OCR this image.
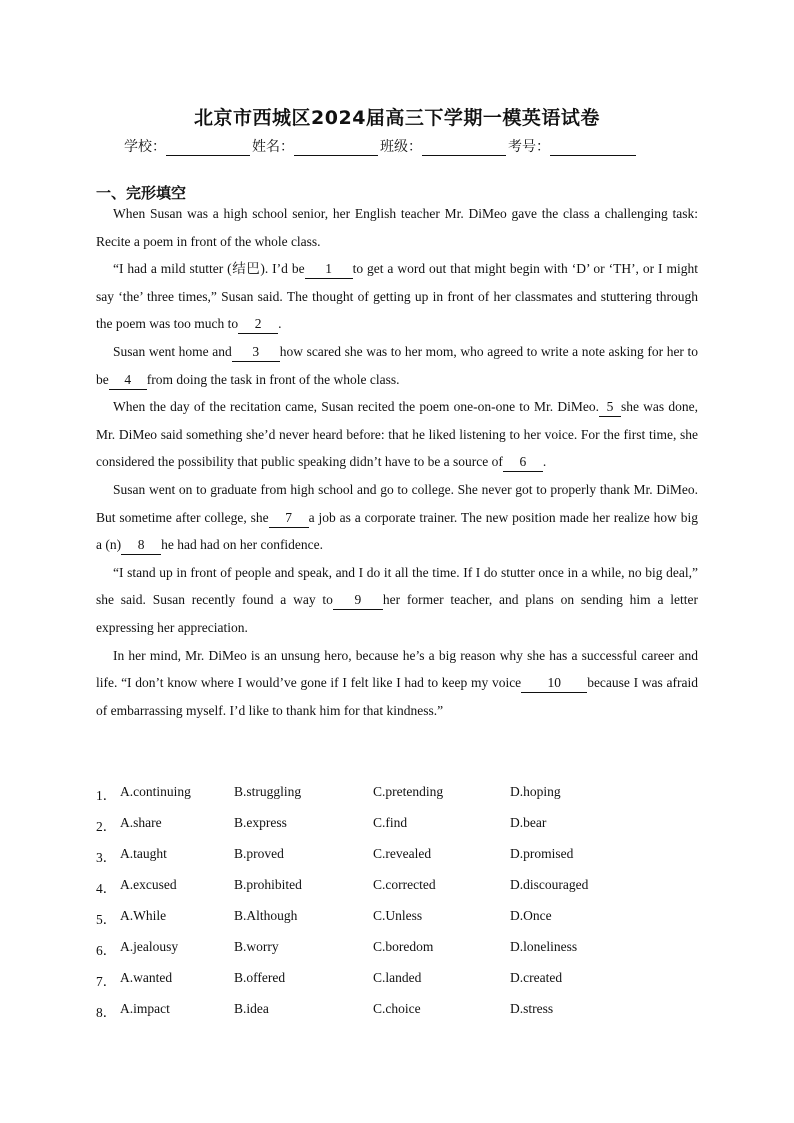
北京市西城区2024届高三下学期一模英语试卷
学校：	姓名：	班级：	考号：
一、完形填空

When Susan was a high school senior, her English teacher Mr. DiMeo gave the class a challenging task: Recite a poem in front of the whole class.

“I had a mild stutter (结巴). I’d be 1 to get a word out that might begin with ‘D’ or ‘TH’, or I might say ‘the’ three times,” Susan said. The thought of getting up in front of her classmates and stuttering through the poem was too much to 2 .

Susan went home and 3 how scared she was to her mom, who agreed to write a note asking for her to be 4 from doing the task in front of the whole class.

When the day of the recitation came, Susan recited the poem one-on-one to Mr. DiMeo. 5 she was done, Mr. DiMeo said something she’d never heard before: that he liked listening to her voice. For the first time, she considered the possibility that public speaking didn’t have to be a source of 6 .

Susan went on to graduate from high school and go to college. She never got to properly thank Mr. DiMeo. But sometime after college, she 7 a job as a corporate trainer. The new position made her realize how big a (n) 8 he had had on her confidence.

“I stand up in front of people and speak, and I do it all the time. If I do stutter once in a while, no big deal,” she said. Susan recently found a way to 9 her former teacher, and plans on sending him a letter expressing her appreciation.

In her mind, Mr. DiMeo is an unsung hero, because he’s a big reason why she has a successful career and life. “I don’t know where I would’ve gone if I felt like I had to keep my voice 10 because I was afraid of embarrassing myself. I’d like to thank him for that kindness.”

1． A.continuing	B.struggling	C.pretending	D.hoping
2． A.share	B.express	C.find	D.bear
3． A.taught	B.proved	C.revealed	D.promised
4． A.excused	B.prohibited	C.corrected	D.discouraged
5． A.While	B.Although	C.Unless	D.Once
6． A.jealousy	B.worry	C.boredom	D.loneliness
7． A.wanted	B.offered	C.landed	D.created
8． A.impact	B.idea	C.choice	D.stress
